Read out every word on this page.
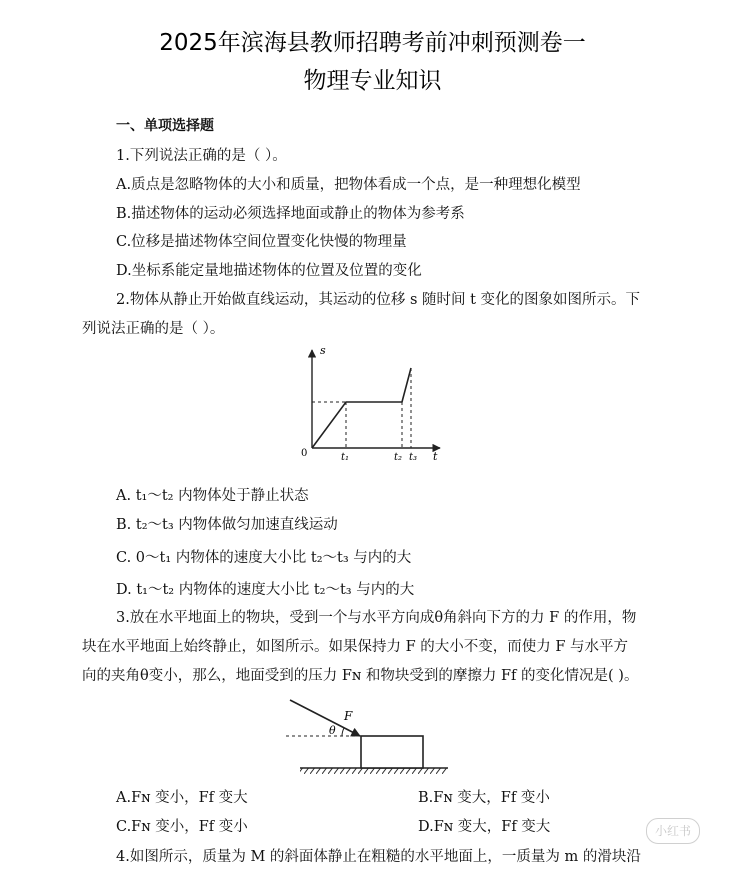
2025年滨海县教师招聘考前冲刺预测卷一
物理专业知识
一、单项选择题
1.下列说法正确的是（ ）。
A.质点是忽略物体的大小和质量，把物体看成一个点，是一种理想化模型
B.描述物体的运动必须选择地面或静止的物体为参考系
C.位移是描述物体空间位置变化快慢的物理量
D.坐标系能定量地描述物体的位置及位置的变化
2.物体从静止开始做直线运动，其运动的位移 s 随时间 t 变化的图象如图所示。下
列说法正确的是（ ）。
s
t
0	t₁	t₂ t₃
A. t₁～t₂ 内物体处于静止状态
B. t₂～t₃ 内物体做匀加速直线运动
C. 0～t₁ 内物体的速度大小比 t₂～t₃ 与内的大
D. t₁～t₂ 内物体的速度大小比 t₂～t₃ 与内的大
3.放在水平地面上的物块，受到一个与水平方向成θ角斜向下方的力 F 的作用，物
块在水平地面上始终静止，如图所示。如果保持力 F 的大小不变，而使力 F 与水平方
向的夹角θ变小，那么，地面受到的压力 Fɴ 和物块受到的摩擦力 Ff 的变化情况是( )。
F
θ
A.Fɴ 变小，Ff 变大	B.Fɴ 变大，Ff 变小
C.Fɴ 变小，Ff 变小	D.Fɴ 变大，Ff 变大
4.如图所示，质量为 M 的斜面体静止在粗糙的水平地面上，一质量为 m 的滑块沿
小红书
